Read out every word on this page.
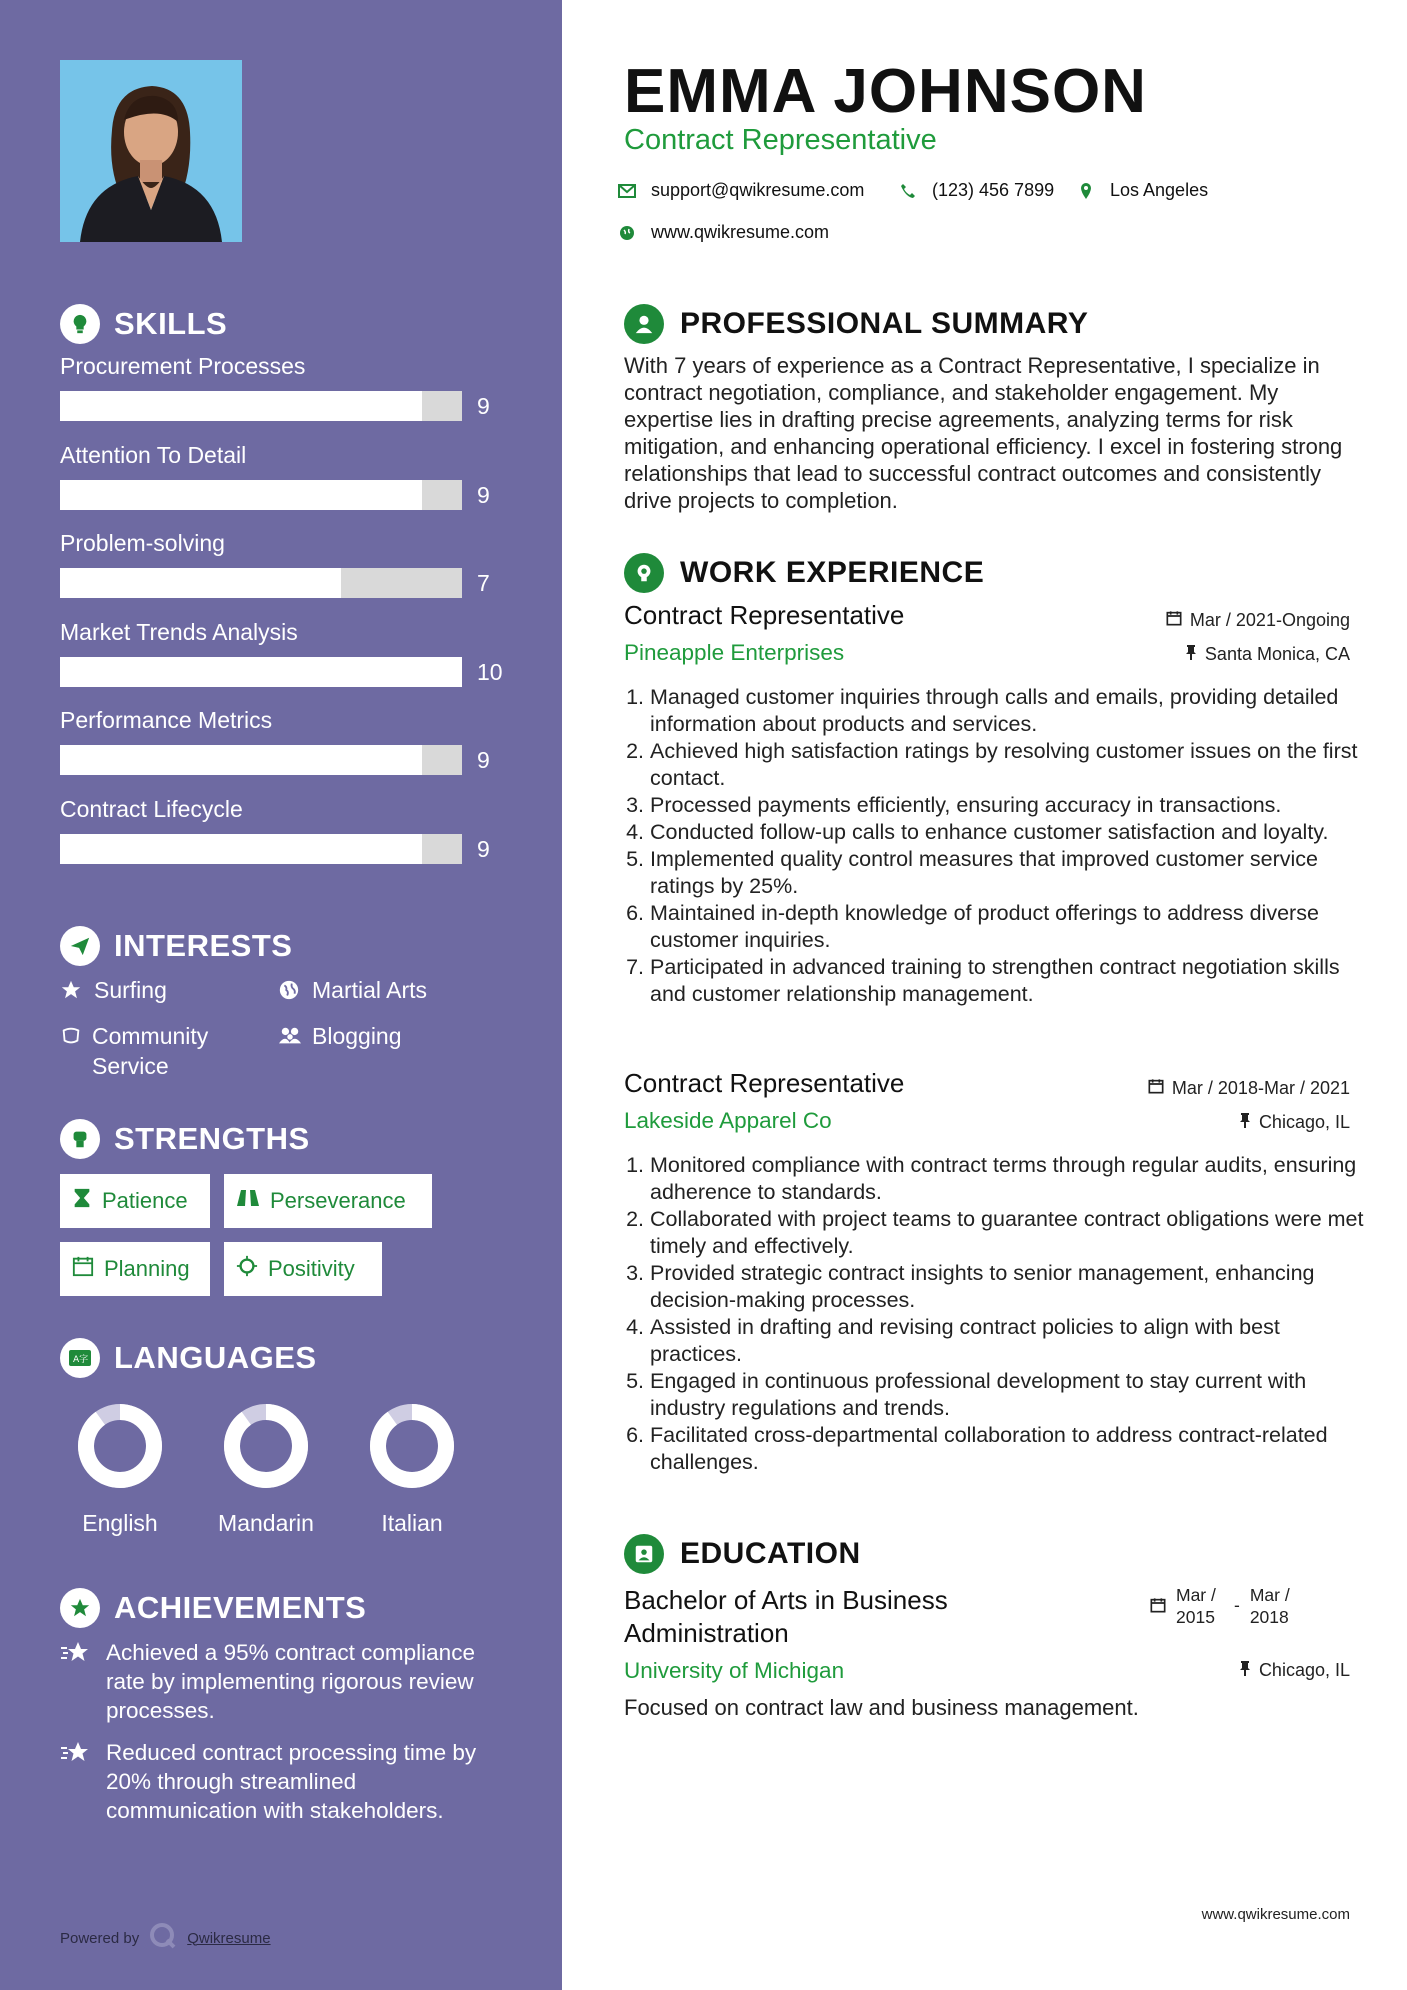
SKILLS
Procurement Processes
9
Attention To Detail
9
Problem-solving
7
Market Trends Analysis
10
Performance Metrics
9
Contract Lifecycle
9
INTERESTS
Surfing	Martial Arts
Community Service
Blogging
STRENGTHS
Patience	Perseverance
Planning	Positivity
A字 LANGUAGES
English	Mandarin	Italian
ACHIEVEMENTS
Achieved a 95% contract compliance rate by implementing rigorous review processes.
Reduced contract processing time by 20% through streamlined communication with stakeholders.
Powered by	Qwikresume
EMMA JOHNSON
Contract Representative
support@qwikresume.com	(123) 456 7899	Los Angeles
www.qwikresume.com
PROFESSIONAL SUMMARY
With 7 years of experience as a Contract Representative, I specialize in contract negotiation, compliance, and stakeholder engagement. My expertise lies in drafting precise agreements, analyzing terms for risk mitigation, and enhancing operational efficiency. I excel in fostering strong relationships that lead to successful contract outcomes and consistently drive projects to completion.
WORK EXPERIENCE
Contract Representative	Mar / 2021-Ongoing
Pineapple Enterprises	Santa Monica, CA
1. Managed customer inquiries through calls and emails, providing detailed information about products and services.
2. Achieved high satisfaction ratings by resolving customer issues on the first contact.
3. Processed payments efficiently, ensuring accuracy in transactions.
4. Conducted follow-up calls to enhance customer satisfaction and loyalty.
5. Implemented quality control measures that improved customer service ratings by 25%.
6. Maintained in-depth knowledge of product offerings to address diverse customer inquiries.
7. Participated in advanced training to strengthen contract negotiation skills and customer relationship management.
Contract Representative	Mar / 2018-Mar / 2021
Lakeside Apparel Co	Chicago, IL
1. Monitored compliance with contract terms through regular audits, ensuring adherence to standards.
2. Collaborated with project teams to guarantee contract obligations were met timely and effectively.
3. Provided strategic contract insights to senior management, enhancing decision-making processes.
4. Assisted in drafting and revising contract policies to align with best practices.
5. Engaged in continuous professional development to stay current with industry regulations and trends.
6. Facilitated cross-departmental collaboration to address contract-related challenges.
EDUCATION
Bachelor of Arts in Business Administration
Mar / 2015
- Mar / 2018
University of Michigan	Chicago, IL
Focused on contract law and business management.
www.qwikresume.com
